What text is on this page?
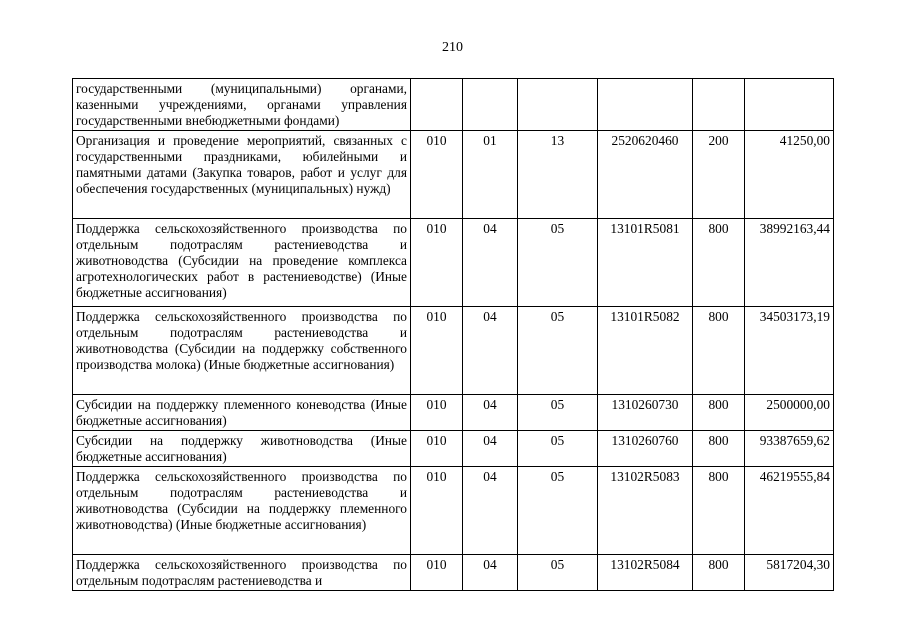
210
государственными (муниципальными) органами, казенными учреждениями, органами управления государственными внебюджетными фондами)						
Организация и проведение мероприятий, связанных с государственными праздниками, юбилейными и памятными датами (Закупка товаров, работ и услуг для обеспечения государственных (муниципальных) нужд)	010	01	13	2520620460	200	41250,00
Поддержка сельскохозяйственного производства по отдельным подотраслям растениеводства и животноводства (Субсидии на проведение комплекса агротехнологических работ в растениеводстве) (Иные бюджетные ассигнования)	010	04	05	13101R5081	800	38992163,44
Поддержка сельскохозяйственного производства по отдельным подотраслям растениеводства и животноводства (Субсидии на поддержку собственного производства молока) (Иные бюджетные ассигнования)	010	04	05	13101R5082	800	34503173,19
Субсидии на поддержку племенного коневодства (Иные бюджетные ассигнования)	010	04	05	1310260730	800	2500000,00
Субсидии на поддержку животноводства (Иные бюджетные ассигнования)	010	04	05	1310260760	800	93387659,62
Поддержка сельскохозяйственного производства по отдельным подотраслям растениеводства и животноводства (Субсидии на поддержку племенного животноводства) (Иные бюджетные ассигнования)	010	04	05	13102R5083	800	46219555,84
Поддержка сельскохозяйственного производства по отдельным подотраслям растениеводства и	010	04	05	13102R5084	800	5817204,30
